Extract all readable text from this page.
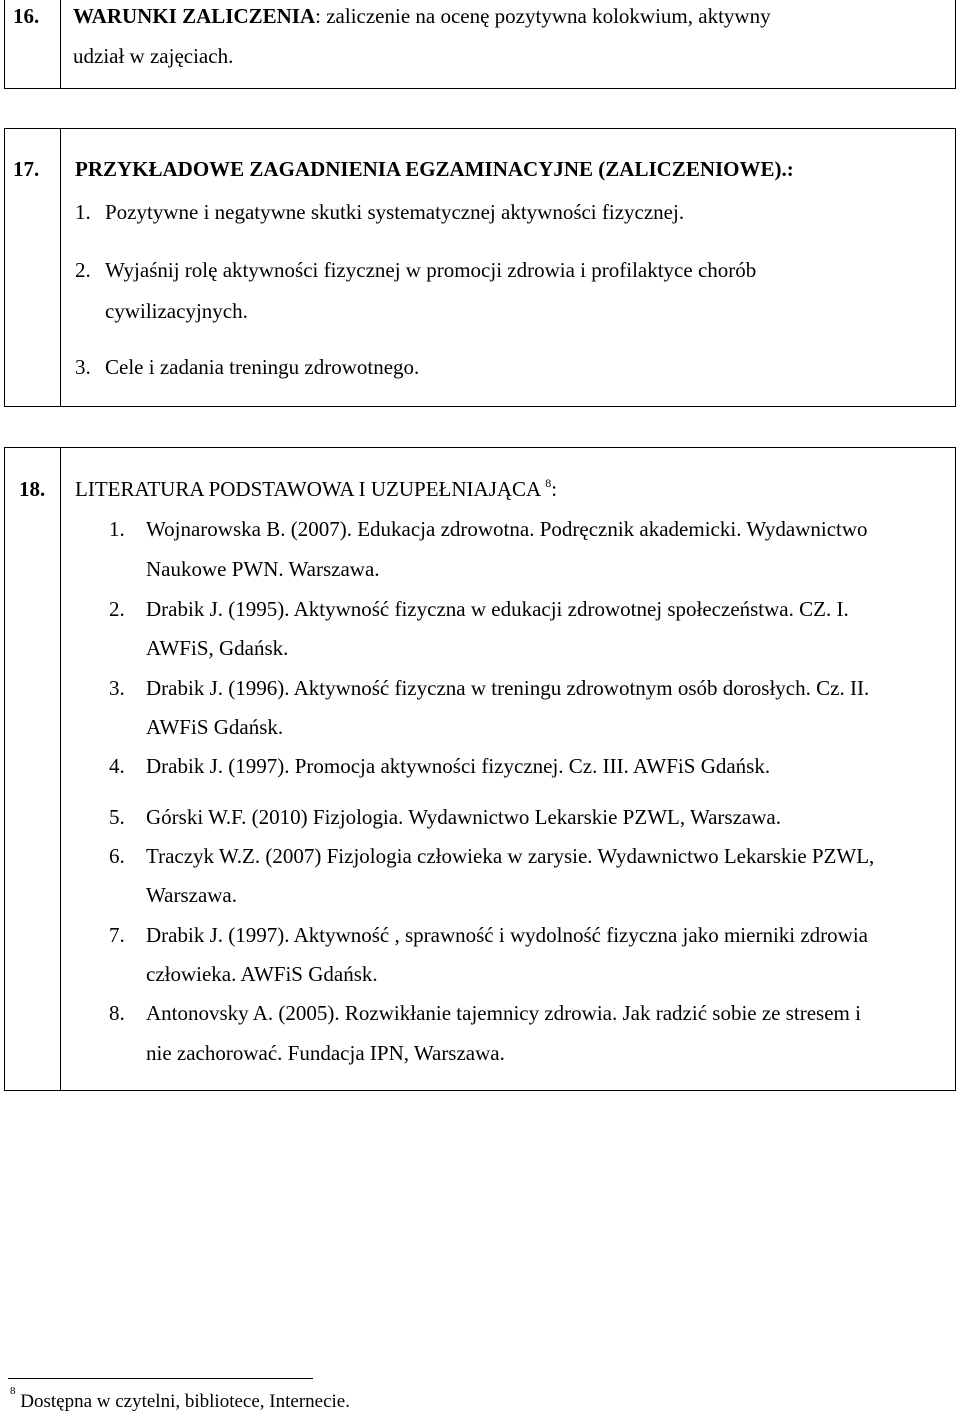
16. WARUNKI ZALICZENIA: zaliczenie na ocenę pozytywna kolokwium, aktywny
udział w zajęciach.
17. PRZYKŁADOWE ZAGADNIENIA EGZAMINACYJNE (ZALICZENIOWE).:
1. Pozytywne i negatywne skutki systematycznej aktywności fizycznej.
2. Wyjaśnij rolę aktywności fizycznej w promocji zdrowia i profilaktyce chorób
cywilizacyjnych.
3. Cele i zadania treningu zdrowotnego.
18. LITERATURA PODSTAWOWA I UZUPEŁNIAJĄCA $^8$:
1. Wojnarowska B. (2007). Edukacja zdrowotna. Podręcznik akademicki. Wydawnictwo
Naukowe PWN. Warszawa.
2. Drabik J. (1995). Aktywność fizyczna w edukacji zdrowotnej społeczeństwa. CZ. I.
AWFiS, Gdańsk.
3. Drabik J. (1996). Aktywność fizyczna w treningu zdrowotnym osób dorosłych. Cz. II.
AWFiS Gdańsk.
4. Drabik J. (1997). Promocja aktywności fizycznej. Cz. III. AWFiS Gdańsk.
5. Górski W.F. (2010) Fizjologia. Wydawnictwo Lekarskie PZWL, Warszawa.
6. Traczyk W.Z. (2007) Fizjologia człowieka w zarysie. Wydawnictwo Lekarskie PZWL,
Warszawa.
7. Drabik J. (1997). Aktywność , sprawność i wydolność fizyczna jako mierniki zdrowia
człowieka. AWFiS Gdańsk.
8. Antonovsky A. (2005). Rozwikłanie tajemnicy zdrowia. Jak radzić sobie ze stresem i
nie zachorować. Fundacja IPN, Warszawa.
$^8$ Dostępna w czytelni, bibliotece, Internecie.
